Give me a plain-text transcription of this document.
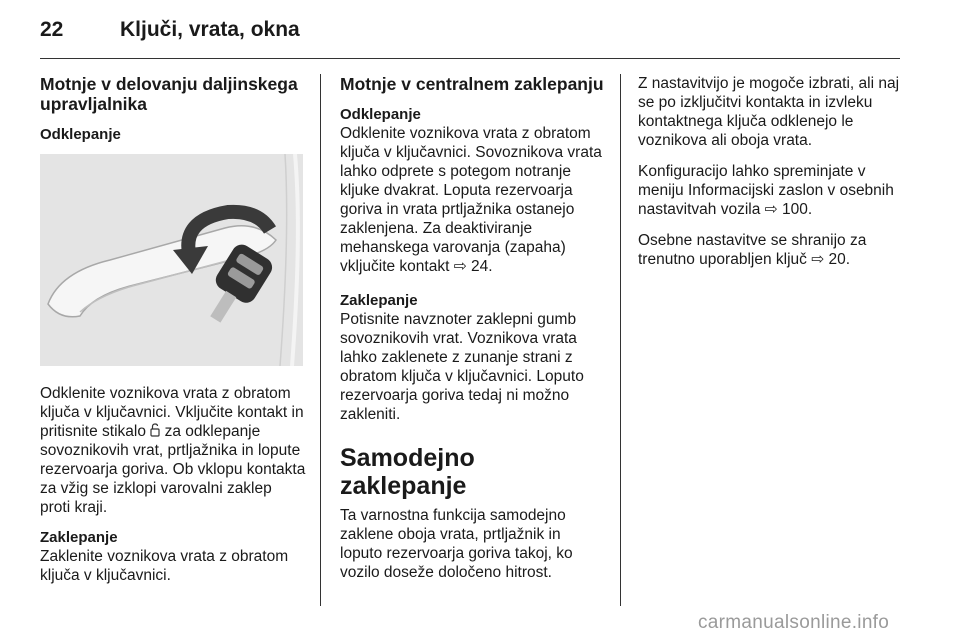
22	Ključi, vrata, okna
Motnje v delovanju daljinskega upravljalnika
Odklepanje

Odklenite voznikova vrata z obratom ključa v ključavnici. Vključite kontakt in pritisnite stikalo za odklepanje sovoznikovih vrat, prtljažnika in lopute rezervoarja goriva. Ob vklopu kontakta za vžig se izklopi varovalni zaklep proti kraji.

Zaklepanje

Zaklenite voznikova vrata z obratom ključa v ključavnici.

Motnje v centralnem zaklepanju
Odklepanje
Odklenite voznikova vrata z obratom ključa v ključavnici. Sovoznikova vrata lahko odprete s potegom notranje kljuke dvakrat. Loputa rezervoarja goriva in vrata prtljažnika ostanejo zaklenjena. Za deaktiviranje mehanskega varovanja (zapaha) vključite kontakt ⇨ 24.
Zaklepanje
Potisnite navznoter zaklepni gumb sovoznikovih vrat. Voznikova vrata lahko zaklenete z zunanje strani z obratom ključa v ključavnici. Loputo rezervoarja goriva tedaj ni možno zakleniti.
Samodejno zaklepanje

Ta varnostna funkcija samodejno zaklene oboja vrata, prtljažnik in loputo rezervoarja goriva takoj, ko vozilo doseže določeno hitrost.

Z nastavitvijo je mogoče izbrati, ali naj se po izključitvi kontakta in izvleku kontaktnega ključa odklenejo le voznikova ali oboja vrata.

Konfiguracijo lahko spreminjate v meniju Informacijski zaslon v osebnih nastavitvah vozila ⇨ 100.

Osebne nastavitve se shranijo za trenutno uporabljen ključ ⇨ 20.

carmanualsonline.info
